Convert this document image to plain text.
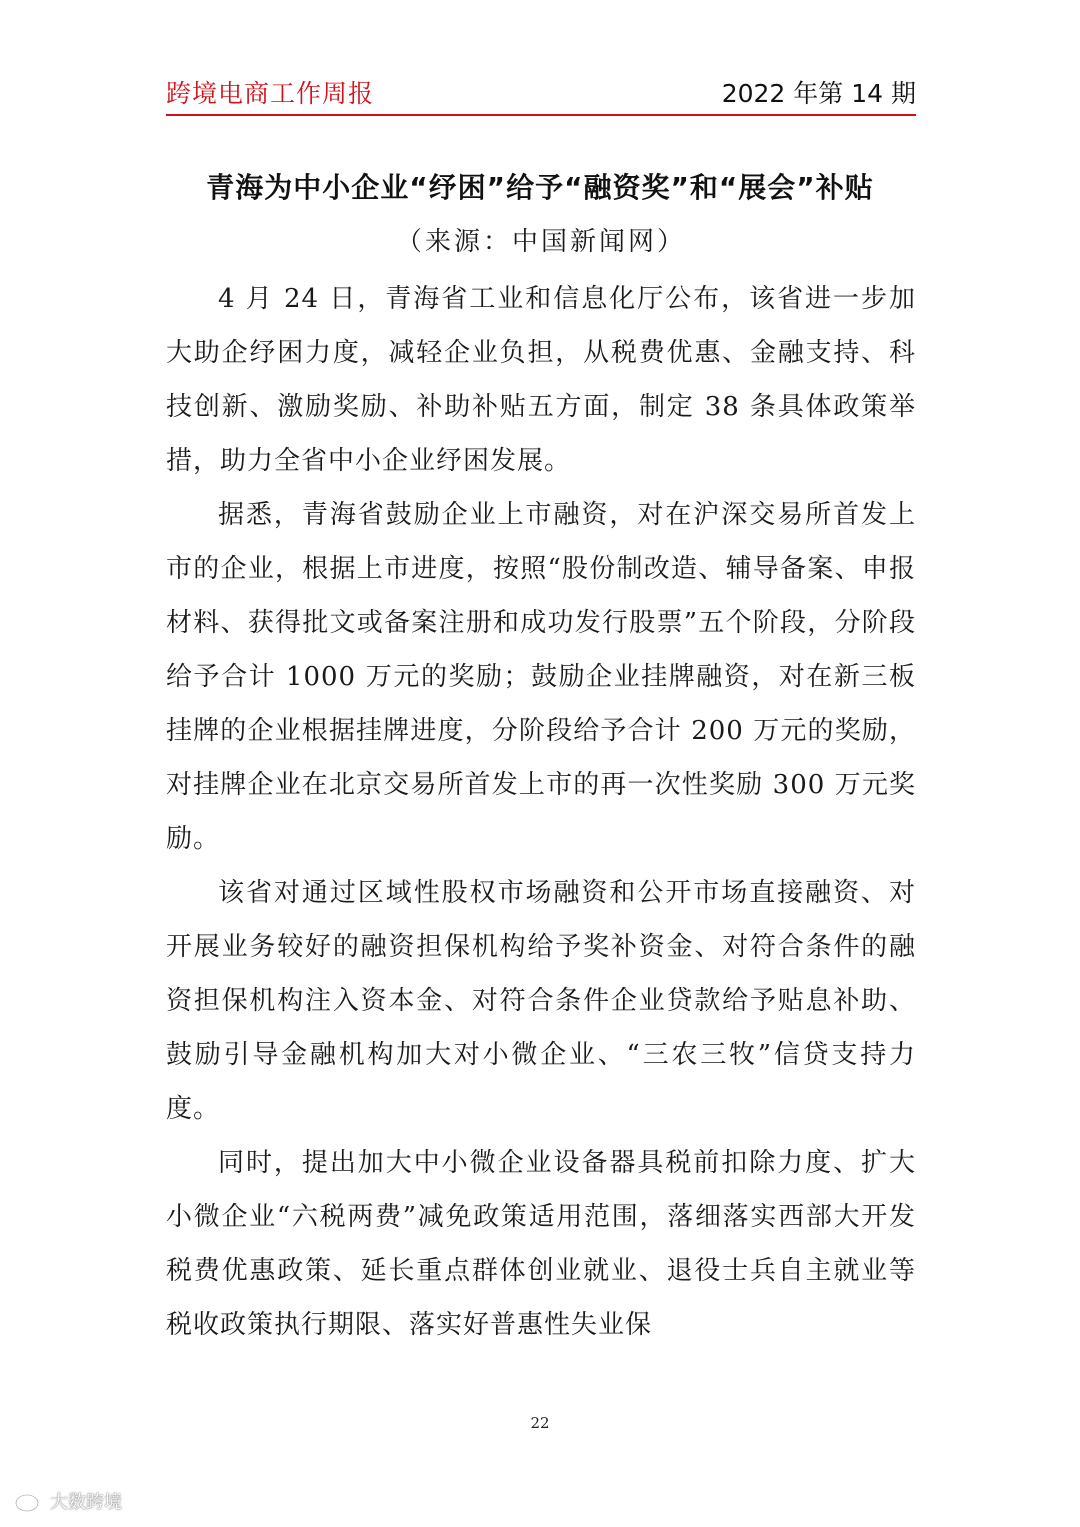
跨境电商工作周报	2022 年第 14 期
青海为中小企业“纾困”给予“融资奖”和“展会”补贴
（来源：中国新闻网）

4 月 24 日，青海省工业和信息化厅公布，该省进一步加大助企纾困力度，减轻企业负担，从税费优惠、金融支持、科技创新、激励奖励、补助补贴五方面，制定 38 条具体政策举措，助力全省中小企业纾困发展。

据悉，青海省鼓励企业上市融资，对在沪深交易所首发上市的企业，根据上市进度，按照“股份制改造、辅导备案、申报材料、获得批文或备案注册和成功发行股票”五个阶段，分阶段给予合计 1000 万元的奖励；鼓励企业挂牌融资，对在新三板挂牌的企业根据挂牌进度，分阶段给予合计 200 万元的奖励，对挂牌企业在北京交易所首发上市的再一次性奖励 300 万元奖励。

该省对通过区域性股权市场融资和公开市场直接融资、对开展业务较好的融资担保机构给予奖补资金、对符合条件的融资担保机构注入资本金、对符合条件企业贷款给予贴息补助、鼓励引导金融机构加大对小微企业、“三农三牧”信贷支持力度。

同时，提出加大中小微企业设备器具税前扣除力度、扩大小微企业“六税两费”减免政策适用范围，落细落实西部大开发税费优惠政策、延长重点群体创业就业、退役士兵自主就业等税收政策执行期限、落实好普惠性失业保

22
大数跨境
